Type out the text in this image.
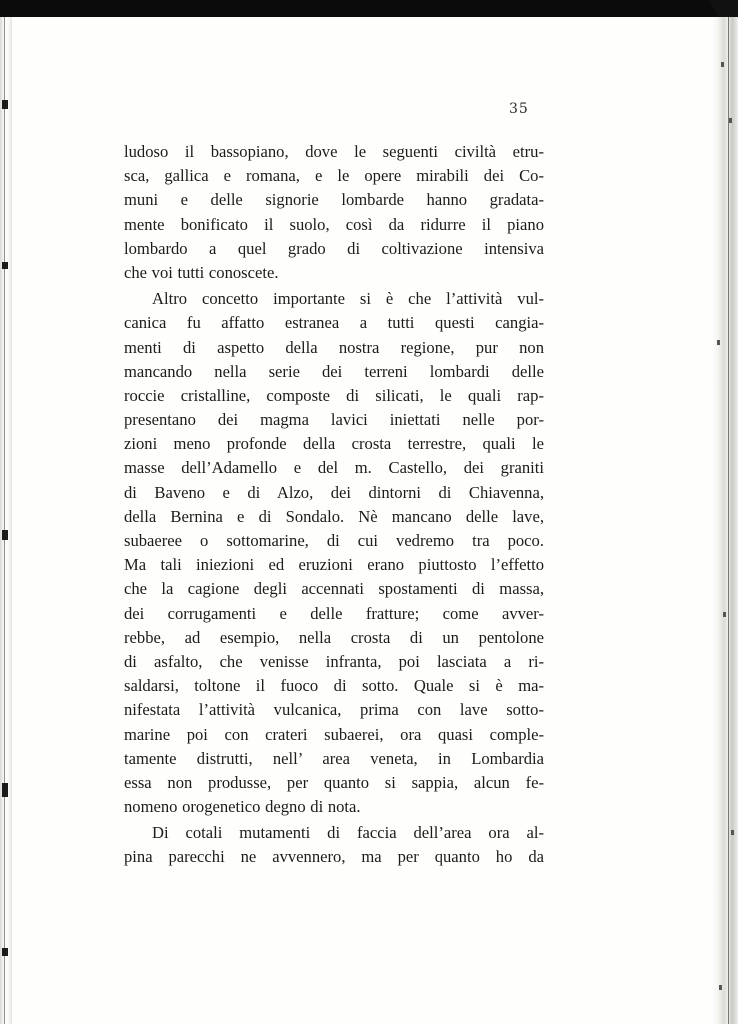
35
ludoso il bassopiano, dove le seguenti civiltà etru-
sca, gallica e romana, e le opere mirabili dei Co-
muni e delle signorie lombarde hanno gradata-
mente bonificato il suolo, così da ridurre il piano
lombardo a quel grado di coltivazione intensiva
che voi tutti conoscete.
Altro concetto importante si è che l’attività vul-
canica fu affatto estranea a tutti questi cangia-
menti di aspetto della nostra regione, pur non
mancando nella serie dei terreni lombardi delle
roccie cristalline, composte di silicati, le quali rap-
presentano dei magma lavici iniettati nelle por-
zioni meno profonde della crosta terrestre, quali le
masse dell’Adamello e del m. Castello, dei graniti
di Baveno e di Alzo, dei dintorni di Chiavenna,
della Bernina e di Sondalo. Nè mancano delle lave,
subaeree o sottomarine, di cui vedremo tra poco.
Ma tali iniezioni ed eruzioni erano piuttosto l’effetto
che la cagione degli accennati spostamenti di massa,
dei corrugamenti e delle fratture; come avver-
rebbe, ad esempio, nella crosta di un pentolone
di asfalto, che venisse infranta, poi lasciata a ri-
saldarsi, toltone il fuoco di sotto. Quale si è ma-
nifestata l’attività vulcanica, prima con lave sotto-
marine poi con crateri subaerei, ora quasi comple-
tamente distrutti, nell’ area veneta, in Lombardia
essa non produsse, per quanto si sappia, alcun fe-
nomeno orogenetico degno di nota.
Di cotali mutamenti di faccia dell’area ora al-
pina parecchi ne avvennero, ma per quanto ho da
